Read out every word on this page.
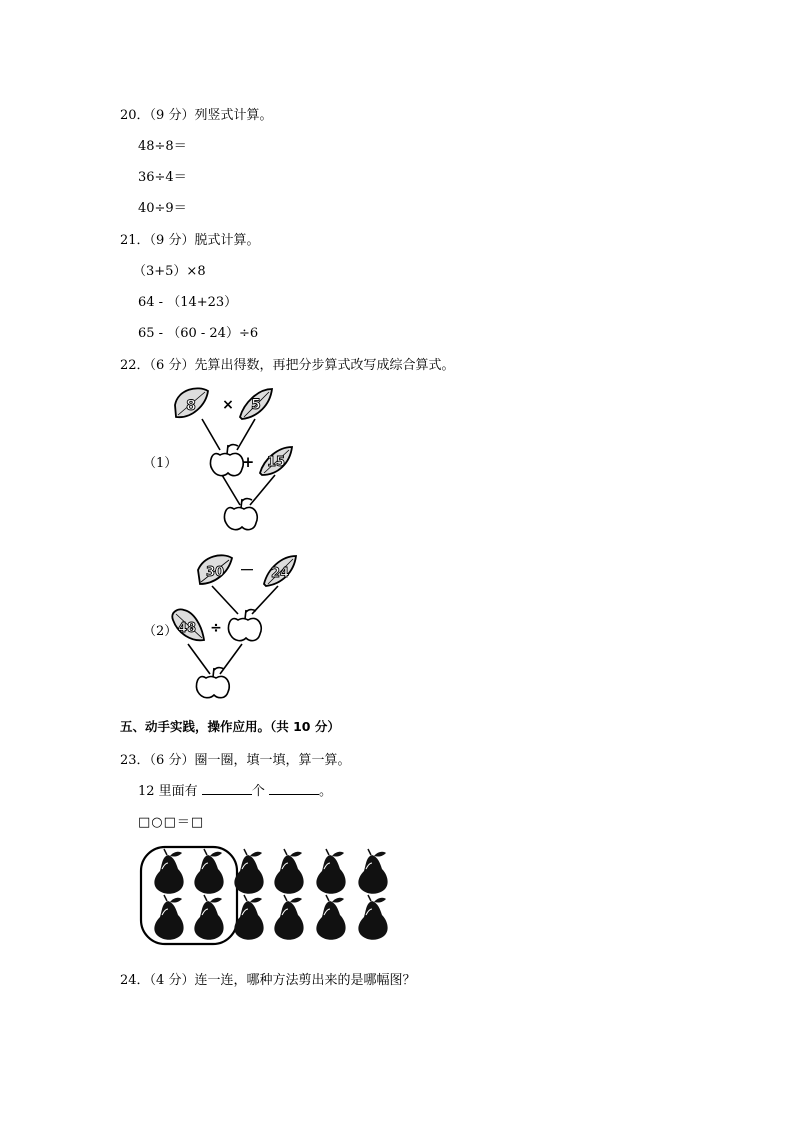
20．（9 分）列竖式计算。
48÷8＝
36÷4＝
40÷9＝
21．（9 分）脱式计算。
（3+5）×8
64 - （14+23）
65 - （60 - 24）÷6
22．（6 分）先算出得数，再把分步算式改写成综合算式。
（1）
8 × 5
+ 15
（2）
30 － 24
48 ÷
五、动手实践，操作应用。（共 10 分）
23．（6 分）圈一圈，填一填，算一算。
12 里面有	个	。
□○□＝□
24．（4 分）连一连，哪种方法剪出来的是哪幅图？
